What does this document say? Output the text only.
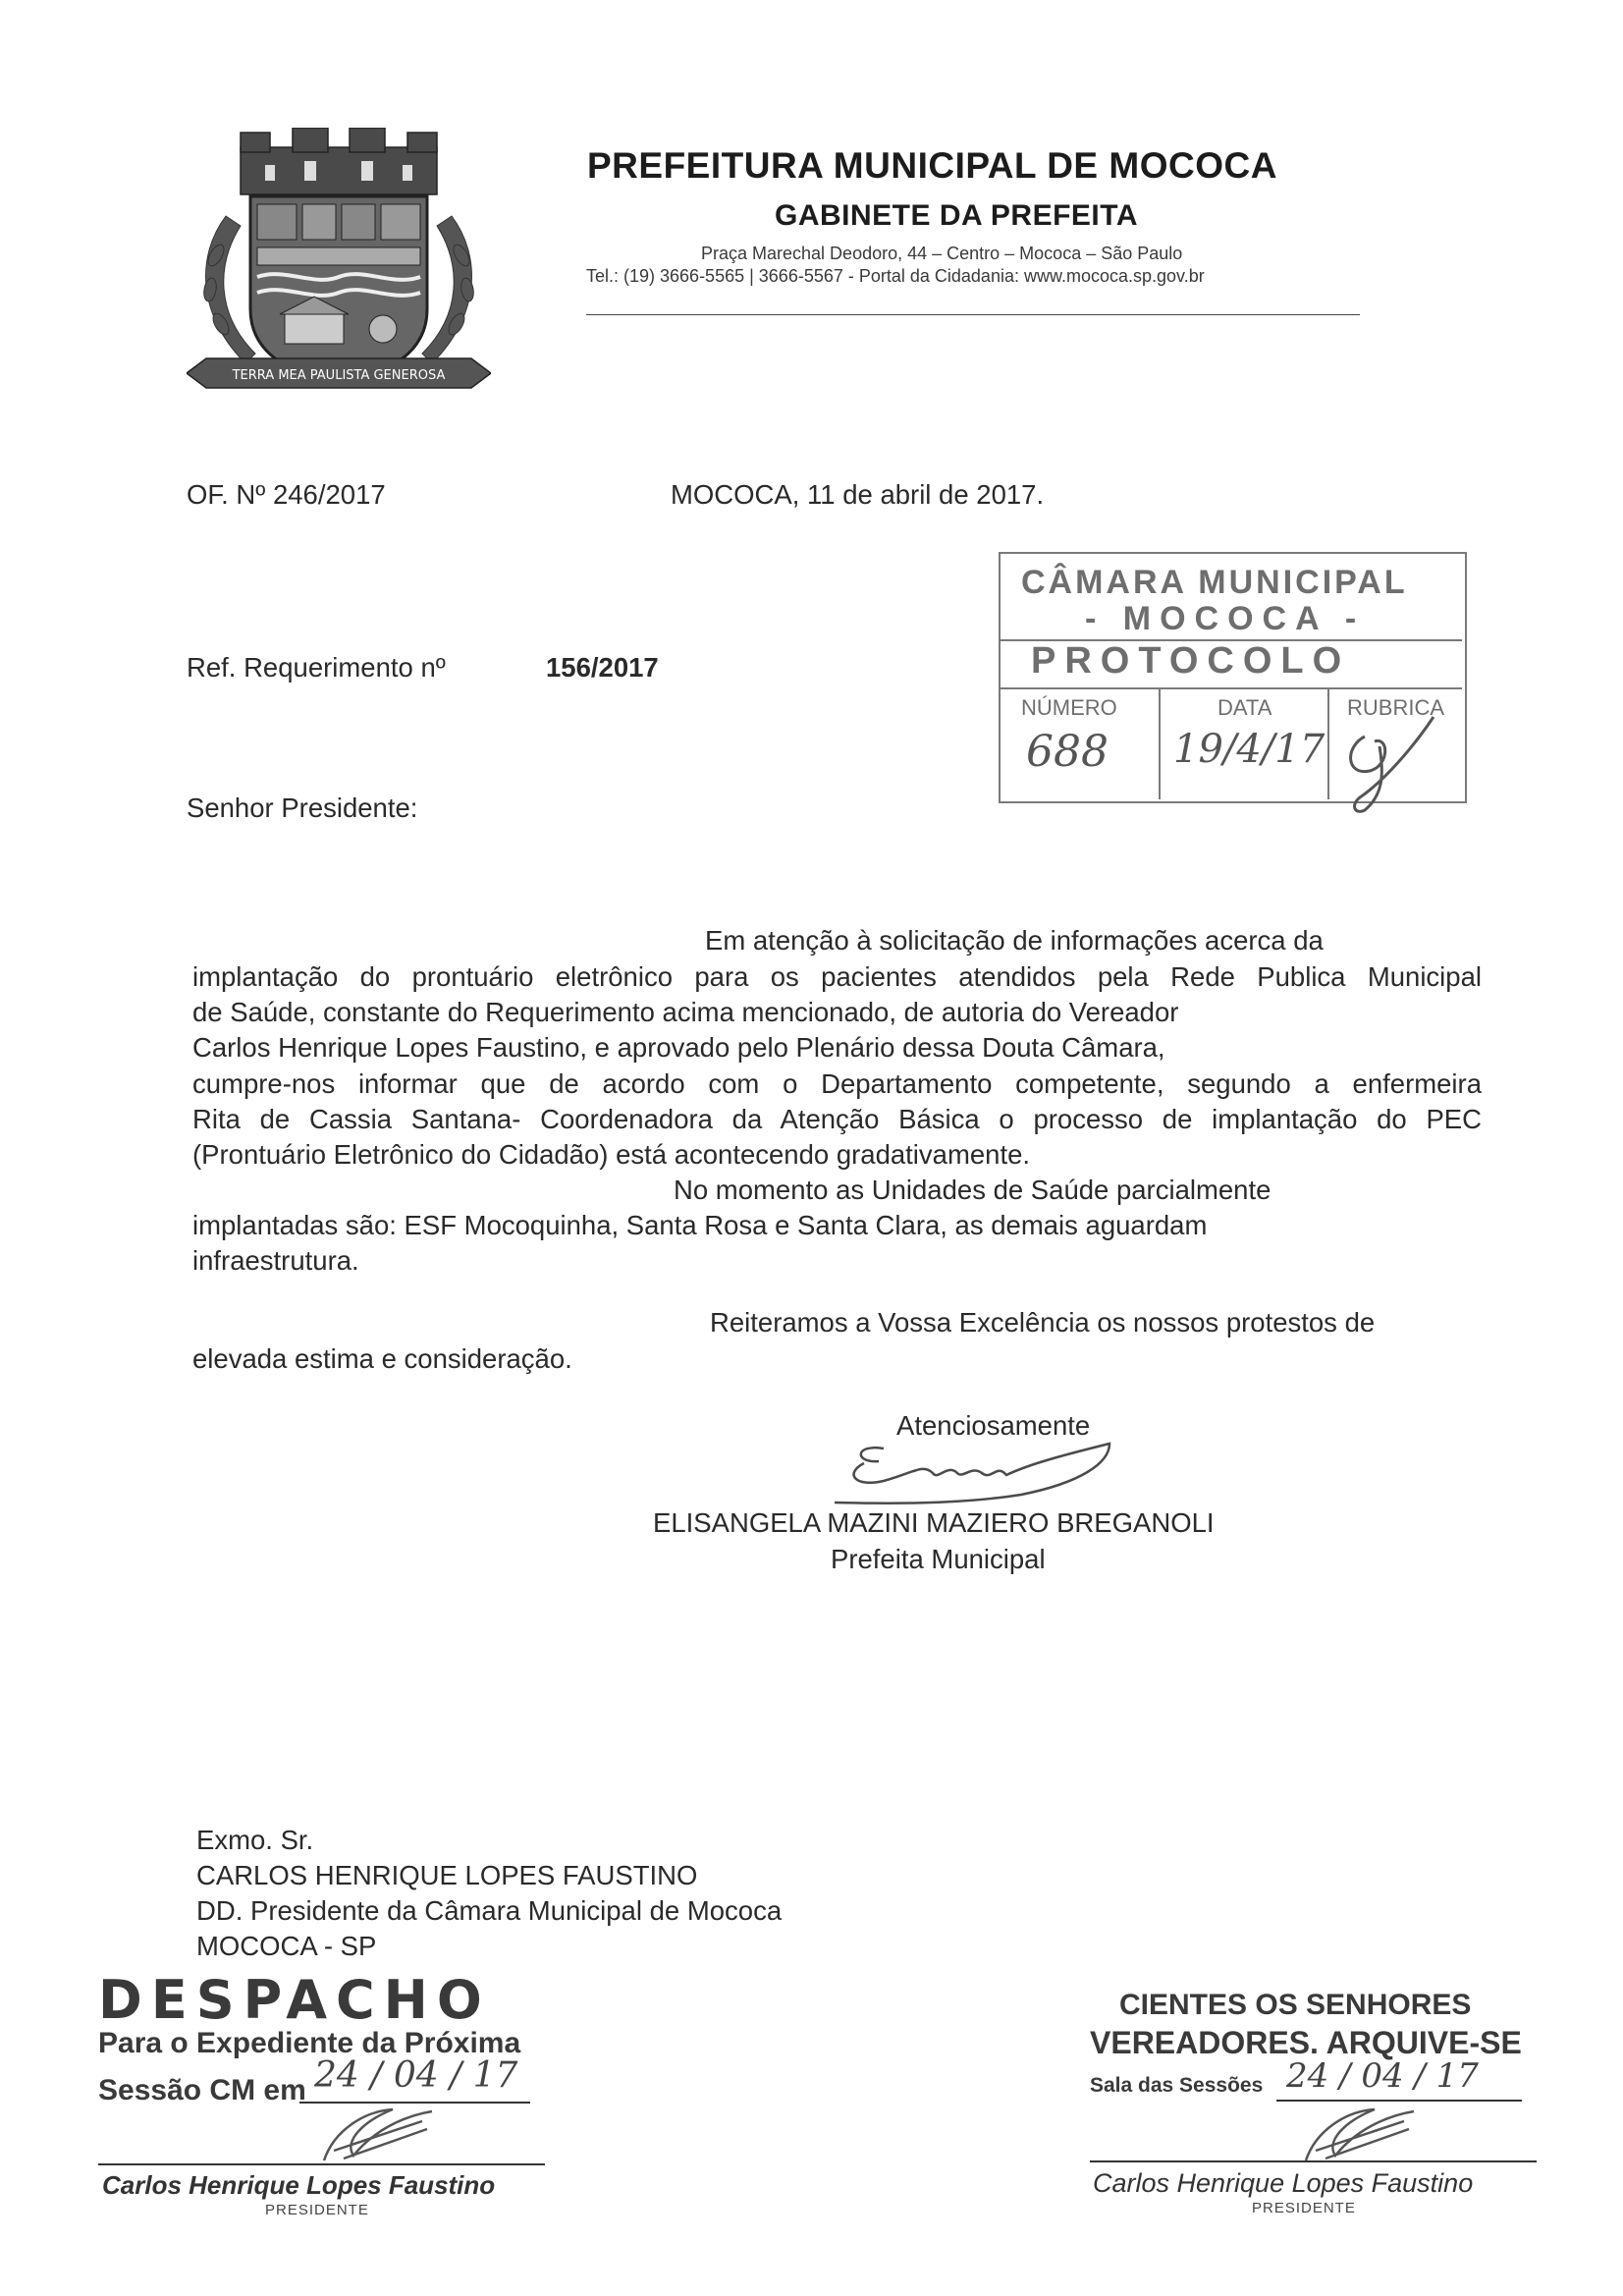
TERRA MEA PAULISTA GENEROSA
PREFEITURA MUNICIPAL DE MOCOCA
GABINETE DA PREFEITA
Praça Marechal Deodoro, 44 – Centro – Mococa – São Paulo
Tel.: (19) 3666-5565 | 3666-5567 - Portal da Cidadania: www.mococa.sp.gov.br
OF. Nº 246/2017	MOCOCA, 11 de abril de 2017.
CÂMARA MUNICIPAL
- MOCOCA -
PROTOCOLO
NÚMERO	DATA	RUBRICA
688 19/4/17
Ref. Requerimento nº	156/2017
Senhor Presidente:
Em atenção à solicitação de informações acerca da
implantação do prontuário eletrônico para os pacientes atendidos pela Rede Publica Municipal
de Saúde, constante do Requerimento acima mencionado, de autoria do Vereador
Carlos Henrique Lopes Faustino, e aprovado pelo Plenário dessa Douta Câmara,
cumpre-nos informar que de acordo com o Departamento competente, segundo a enfermeira
Rita de Cassia Santana- Coordenadora da Atenção Básica o processo de implantação do PEC
(Prontuário Eletrônico do Cidadão) está acontecendo gradativamente.
No momento as Unidades de Saúde parcialmente
implantadas são: ESF Mocoquinha, Santa Rosa e Santa Clara, as demais aguardam
infraestrutura.
Reiteramos a Vossa Excelência os nossos protestos de
elevada estima e consideração.
Atenciosamente
ELISANGELA MAZINI MAZIERO BREGANOLI
Prefeita Municipal
Exmo. Sr.
CARLOS HENRIQUE LOPES FAUSTINO
DD. Presidente da Câmara Municipal de Mococa
MOCOCA - SP
DESPACHO
Para o Expediente da Próxima
Sessão CM em 24 / 04 / 17
Carlos Henrique Lopes Faustino
PRESIDENTE
CIENTES OS SENHORES
VEREADORES. ARQUIVE-SE
Sala das Sessões 24 / 04 / 17
Carlos Henrique Lopes Faustino
PRESIDENTE
